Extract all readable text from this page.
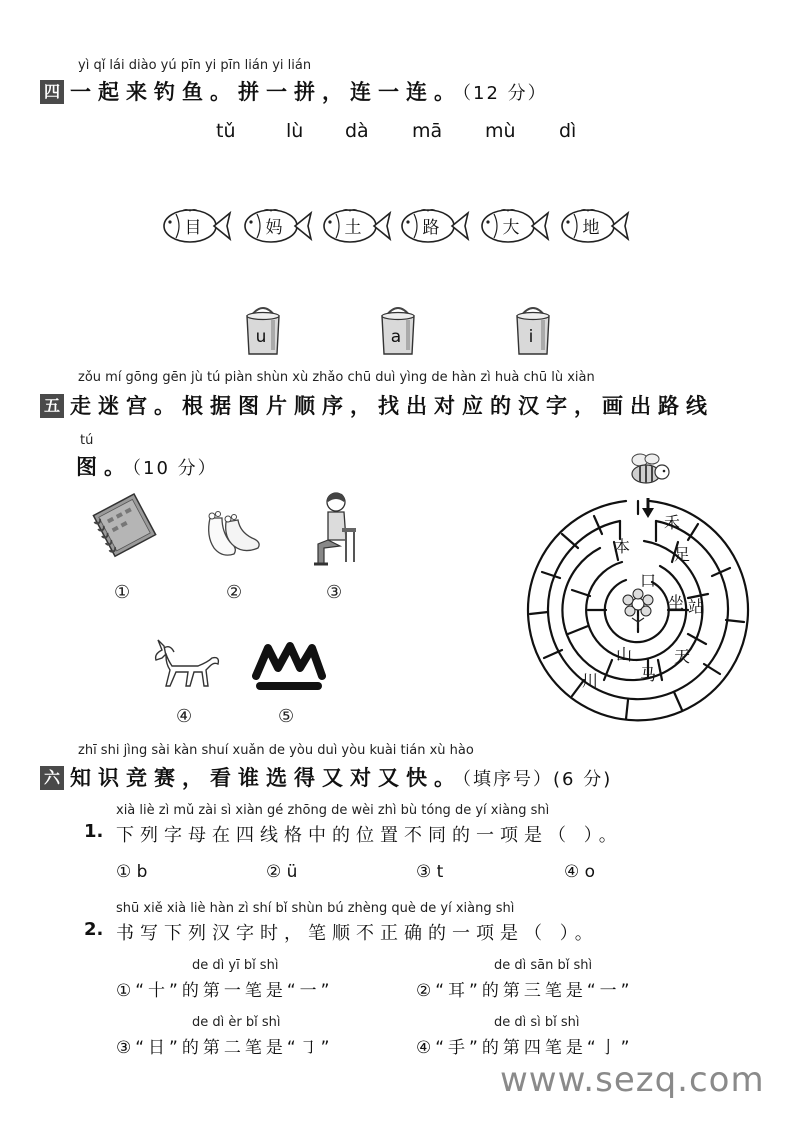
yì qǐ lái diào yú pīn yi pīn lián yi lián
四 一起来钓鱼。拼一拼，连一连。（12 分）
tǔ	lù dà mā mù dì
目	妈	土	路	大	地
u	a	i
zǒu mí gōng gēn jù tú piàn shùn xù zhǎo chū duì yìng de hàn zì huà chū lù xiàn
五 走迷宫。根据图片顺序，找出对应的汉字，画出路线
tú
图。（10 分）
①	②	③
④	⑤
禾
本	足
口
坐 站
山	天
川	马
zhī shi jìng sài kàn shuí xuǎn de yòu duì yòu kuài tián xù hào
六 知识竞赛，看谁选得又对又快。（填序号）(6 分)
xià liè zì mǔ zài sì xiàn gé zhōng de wèi zhì bù tóng de yí xiàng shì
1. 下列字母在四线格中的位置不同的一项是（ ）。
① b	② ü	③ t	④ o
shū xiě xià liè hàn zì shí bǐ shùn bú zhèng què de yí xiàng shì
2. 书写下列汉字时，笔顺不正确的一项是（ ）。
de dì yī bǐ shì
①“十”的第一笔是“一”
de dì sān bǐ shì
②“耳”的第三笔是“一”
de dì èr bǐ shì
③“日”的第二笔是“㇆”
de dì sì bǐ shì
④“手”的第四笔是“亅”
www.sezq.com
